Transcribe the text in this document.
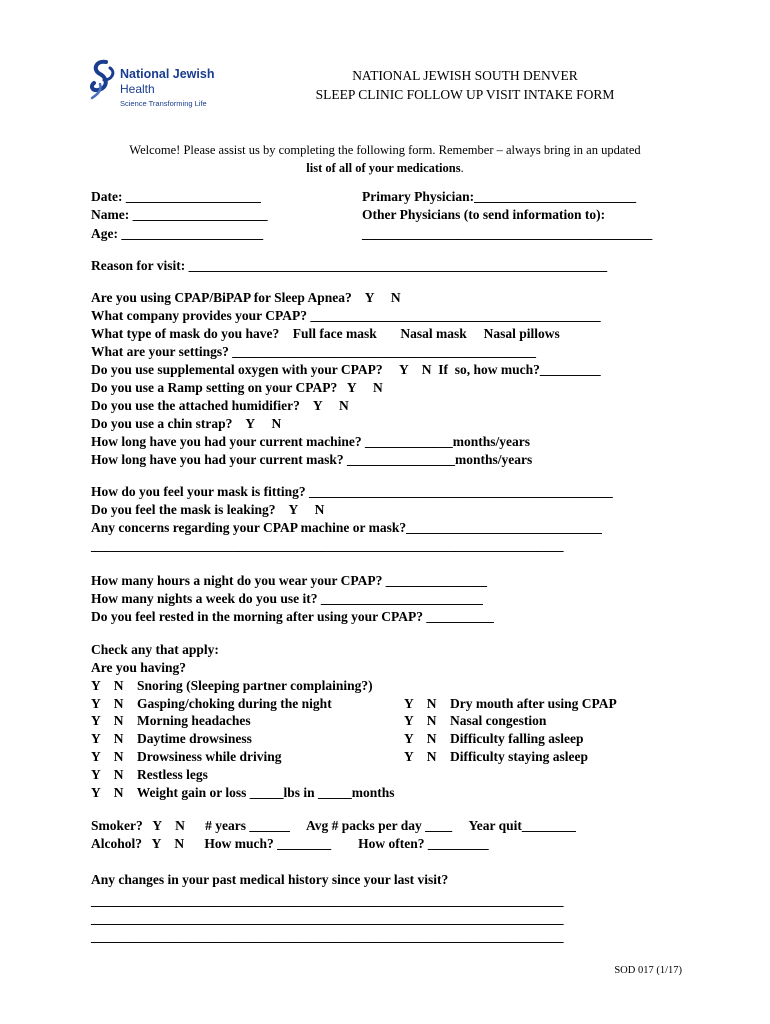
National Jewish
Health
Science Transforming Life
NATIONAL JEWISH SOUTH DENVER
SLEEP CLINIC FOLLOW UP VISIT INTAKE FORM
Welcome! Please assist us by completing the following form. Remember – always bring in an updated
list of all of your medications.
Date: ____________________
Name: ____________________
Age: _____________________
Primary Physician:________________________
Other Physicians (to send information to):
___________________________________________
Reason for visit: ______________________________________________________________
Are you using CPAP/BiPAP for Sleep Apnea?    Y     N
What company provides your CPAP? ___________________________________________
What type of mask do you have?    Full face mask       Nasal mask     Nasal pillows
What are your settings? _____________________________________________
Do you use supplemental oxygen with your CPAP?     Y    N  If  so, how much?_________
Do you use a Ramp setting on your CPAP?   Y     N
Do you use the attached humidifier?    Y     N
Do you use a chin strap?    Y     N
How long have you had your current machine? _____________months/years
How long have you had your current mask? ________________months/years
How do you feel your mask is fitting? _____________________________________________
Do you feel the mask is leaking?    Y     N
Any concerns regarding your CPAP machine or mask?_____________________________
______________________________________________________________________
How many hours a night do you wear your CPAP? _______________
How many nights a week do you use it? ________________________
Do you feel rested in the morning after using your CPAP? __________
Check any that apply:
Are you having?
Y    N    Snoring (Sleeping partner complaining?)
Y    N    Gasping/choking during the night
Y    N    Morning headaches
Y    N    Daytime drowsiness
Y    N    Drowsiness while driving
Y    N    Restless legs
Y    N    Weight gain or loss _____lbs in _____months
Y    N    Dry mouth after using CPAP
Y    N    Nasal congestion
Y    N    Difficulty falling asleep
Y    N    Difficulty staying asleep
Smoker?   Y    N      # years ______     Avg # packs per day ____     Year quit________
Alcohol?   Y    N      How much? ________        How often? _________
Any changes in your past medical history since your last visit?
______________________________________________________________________
______________________________________________________________________
______________________________________________________________________
SOD 017 (1/17)
